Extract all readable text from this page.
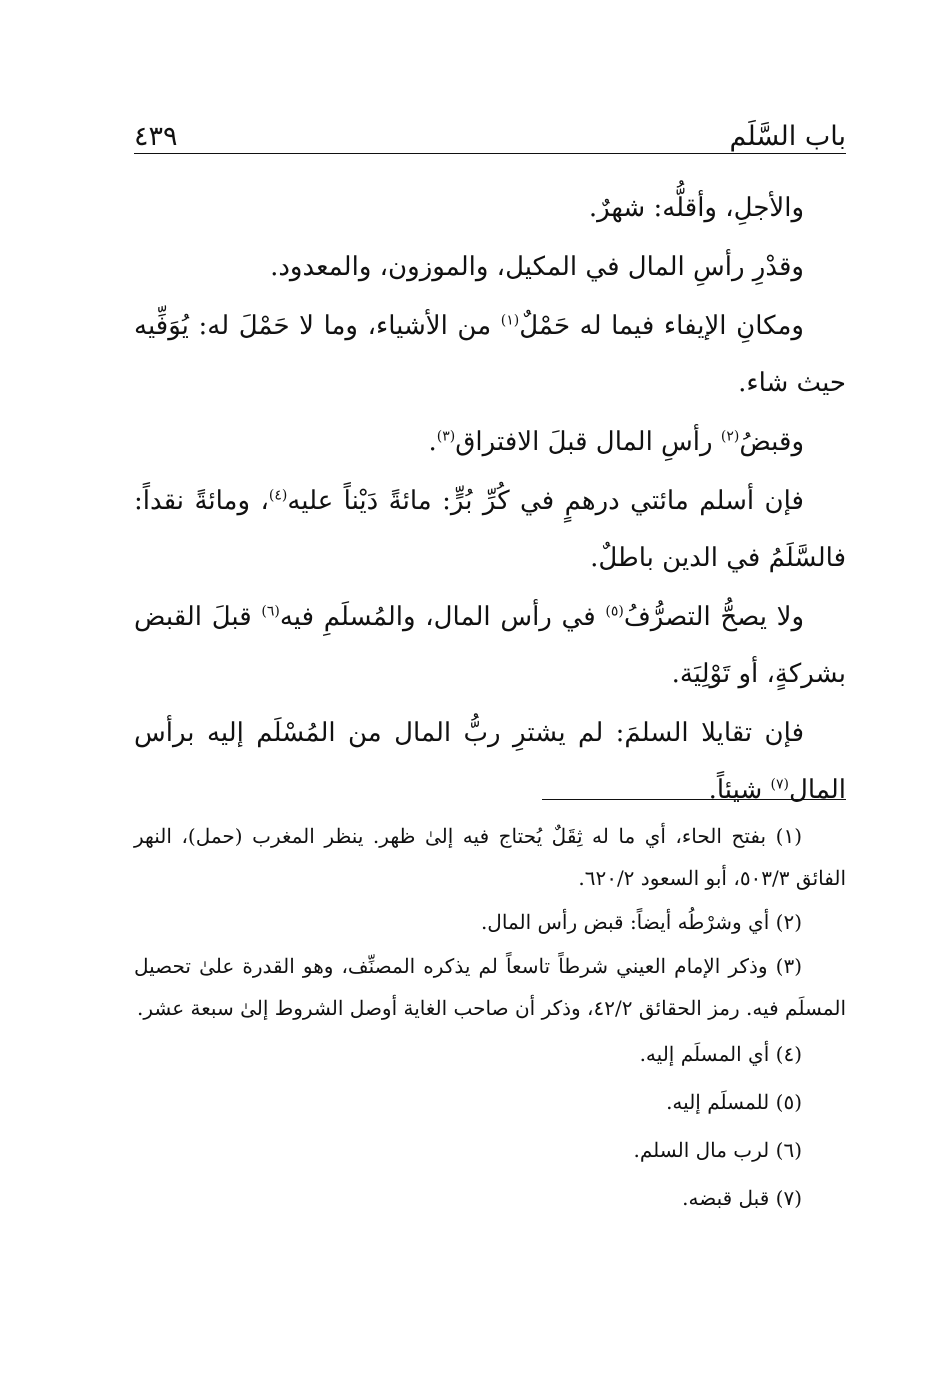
باب السَّلَم
٤٣٩

والأجلِ، وأقلُّه: شهرٌ.

وقدْرِ رأسِ المال في المكيل، والموزون، والمعدود.

ومكانِ الإيفاء فيما له حَمْلٌ$^{(١)}$ من الأشياء، وما لا حَمْلَ له: يُوَفِّيه حيث شاء.

وقبضُ$^{(٢)}$ رأسِ المال قبلَ الافتراق$^{(٣)}$.

فإن أسلم مائتي درهمٍ في كُرِّ بُرٍّ: مائةً دَيْناً عليه$^{(٤)}$، ومائةً نقداً: فالسَّلَمُ في الدين باطلٌ.

ولا يصحُّ التصرُّفُ$^{(٥)}$ في رأس المال، والمُسلَمِ فيه$^{(٦)}$ قبلَ القبض بشركةٍ، أو تَوْلِيَة.

فإن تقايلا السلمَ: لم يشترِ ربُّ المال من المُسْلَم إليه برأس المال$^{(٧)}$ شيئاً.

(١) بفتح الحاء، أي ما له ثِقَلٌ يُحتاج فيه إلىٰ ظهر. ينظر المغرب (حمل)، النهر الفائق ٥٠٣/٣، أبو السعود ٦٢٠/٢.

(٢) أي وشرْطُه أيضاً: قبض رأس المال.

(٣) وذكر الإمام العيني شرطاً تاسعاً لم يذكره المصنِّف، وهو القدرة علىٰ تحصيل المسلَم فيه. رمز الحقائق ٤٢/٢، وذكر أن صاحب الغاية أوصل الشروط إلىٰ سبعة عشر.

(٤) أي المسلَم إليه.

(٥) للمسلَم إليه.

(٦) لرب مال السلم.

(٧) قبل قبضه.
